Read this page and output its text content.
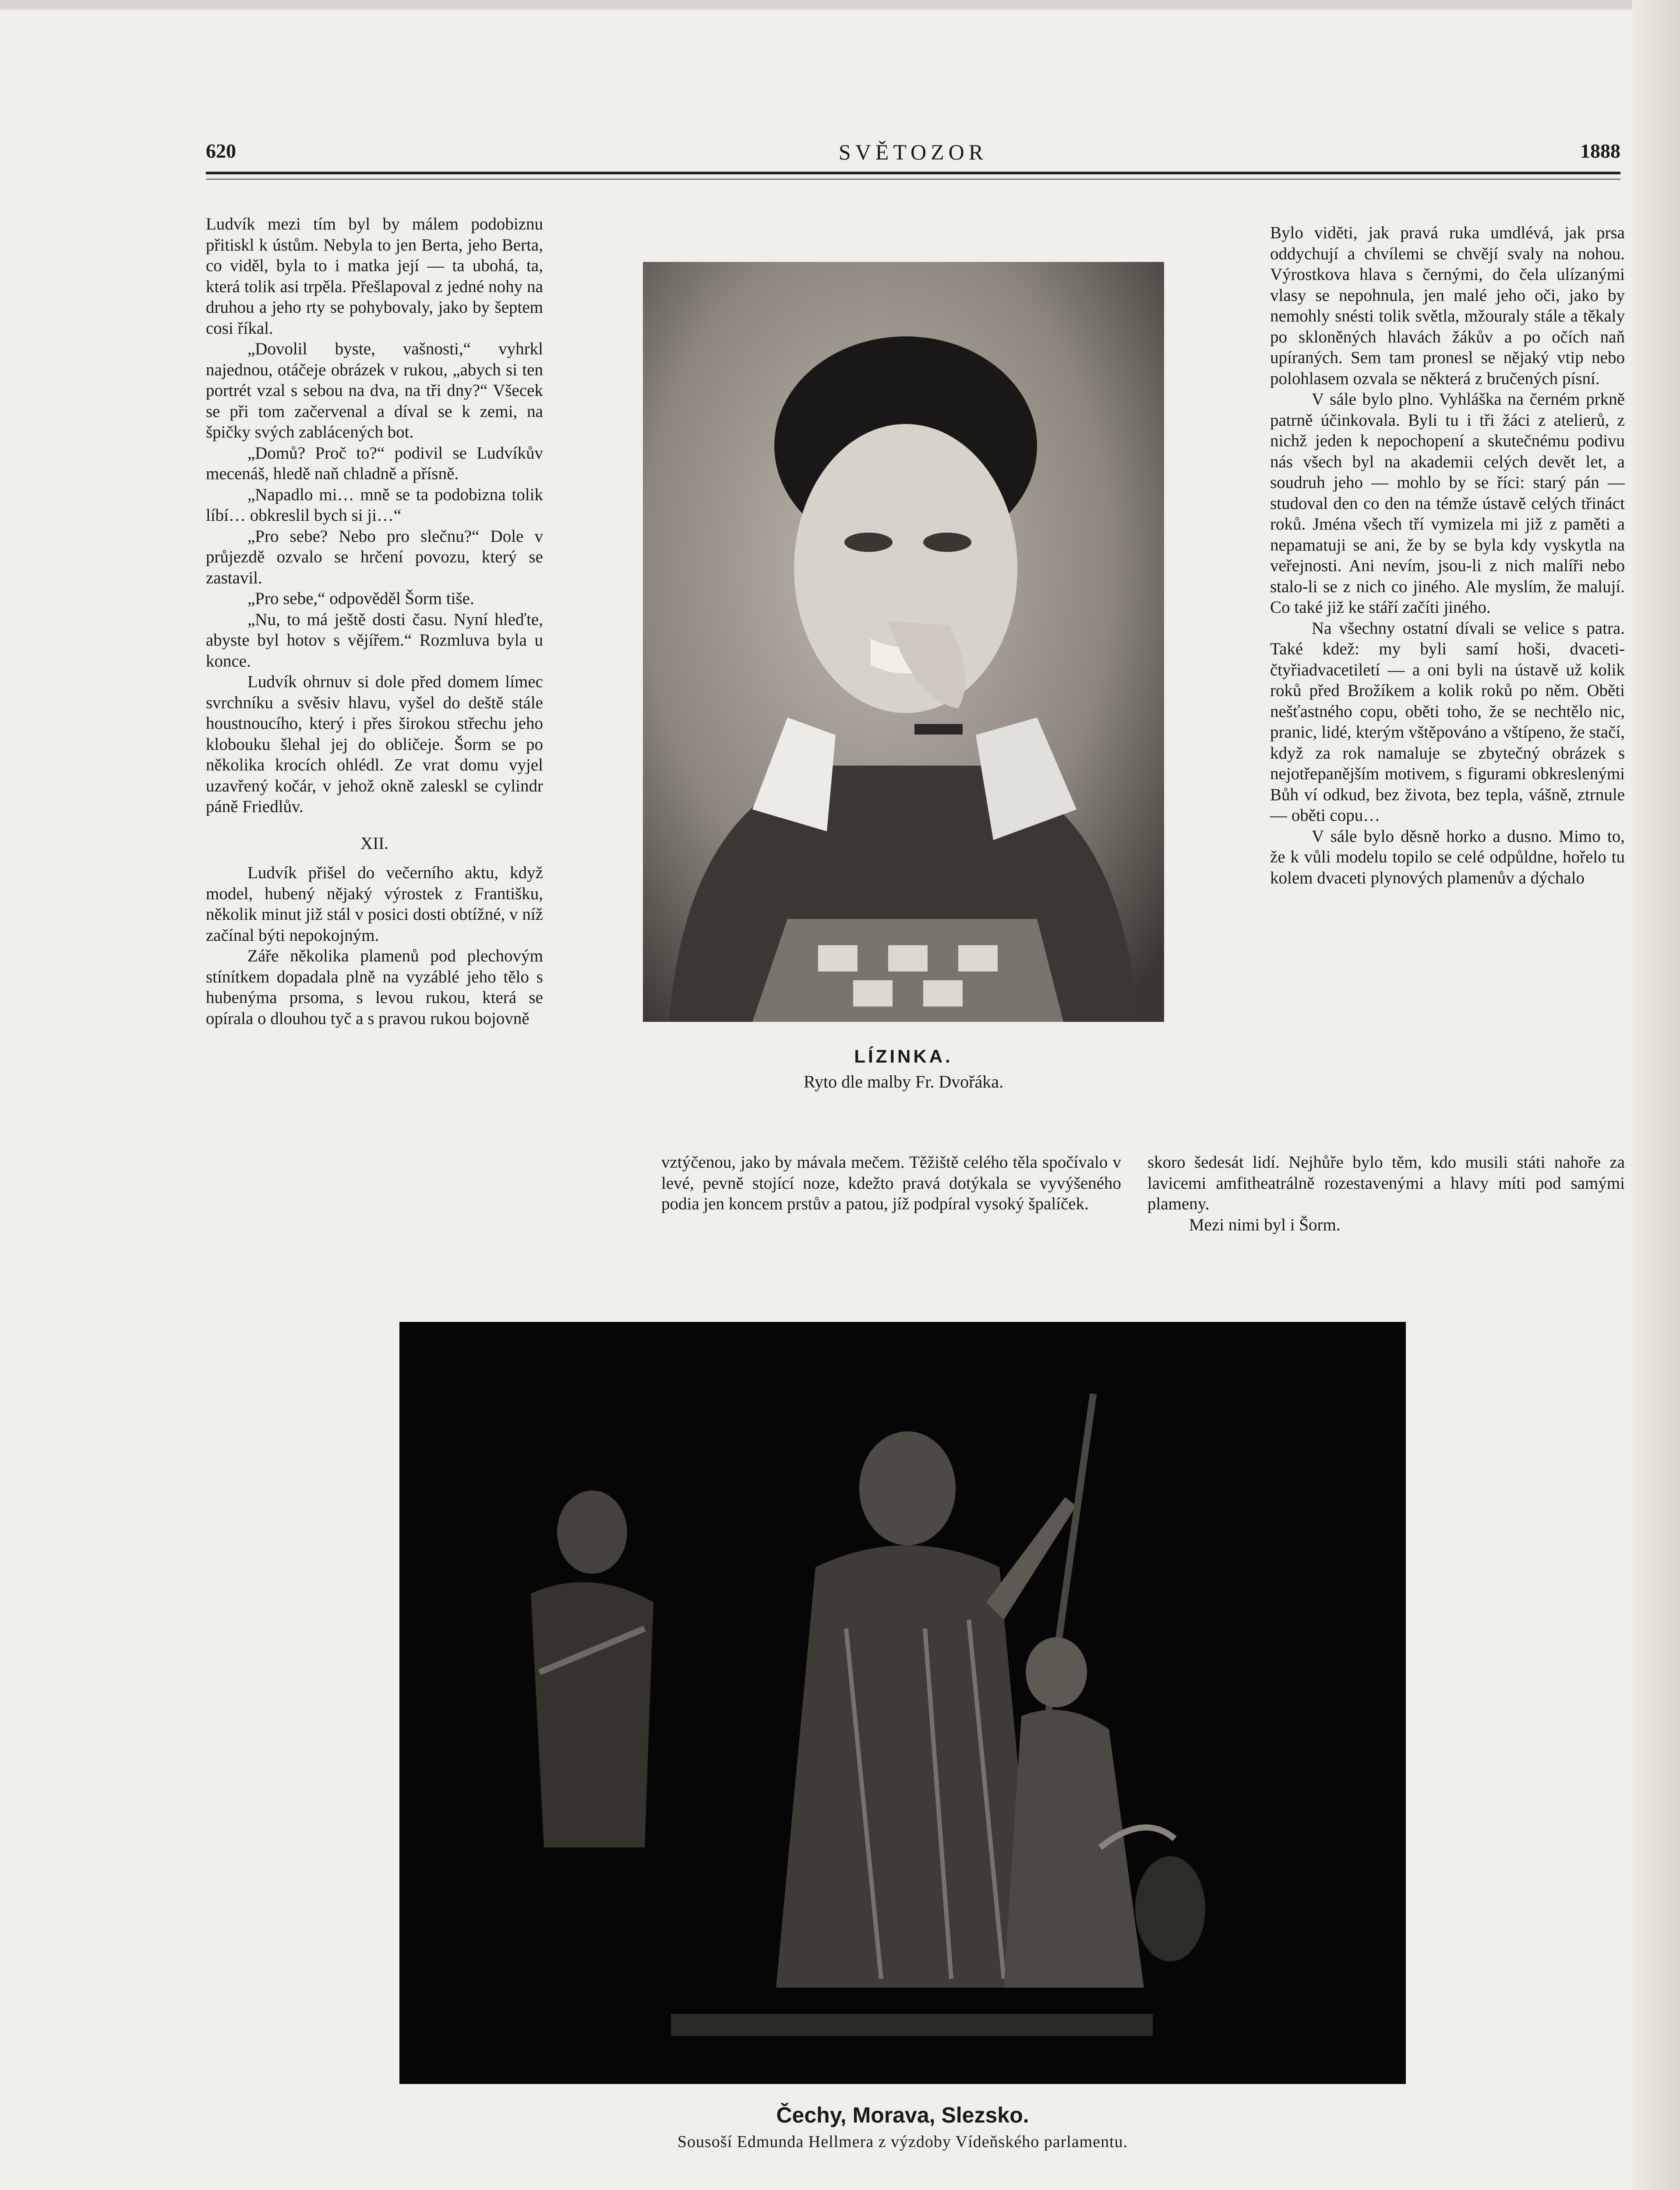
620	SVĚTOZOR	1888

Ludvík mezi tím byl by málem podobiznu přitiskl k ústům. Nebyla to jen Berta, jeho Berta, co viděl, byla to i matka její — ta ubohá, ta, která tolik asi trpěla. Přešlapoval z jedné nohy na druhou a jeho rty se pohybovaly, jako by šeptem cosi říkal.

„Dovolil byste, vašnosti,“ vyhrkl najednou, otáčeje obrázek v rukou, „abych si ten portrét vzal s sebou na dva, na tři dny?“ Všecek se při tom začervenal a díval se k zemi, na špičky svých zablácených bot.

„Domů? Proč to?“ podivil se Ludvíkův mecenáš, hledě naň chladně a přísně.

„Napadlo mi… mně se ta podobizna tolik líbí… obkreslil bych si ji…“

„Pro sebe? Nebo pro slečnu?“ Dole v průjezdě ozvalo se hrčení povozu, který se zastavil.

„Pro sebe,“ odpověděl Šorm tiše.

„Nu, to má ještě dosti času. Nyní hleďte, abyste byl hotov s vějířem.“ Rozmluva byla u konce.

Ludvík ohrnuv si dole před domem límec svrchníku a svěsiv hlavu, vyšel do deště stále houstnoucího, který i přes širokou střechu jeho klobouku šlehal jej do obličeje. Šorm se po několika krocích ohlédl. Ze vrat domu vyjel uzavřený kočár, v jehož okně zaleskl se cylindr páně Friedlův.

XII.

Ludvík přišel do večerního aktu, když model, hubený nějaký výrostek z Františku, několik minut již stál v posici dosti obtížné, v níž začínal býti nepokojným.

Záře několika plamenů pod plechovým stínítkem dopadala plně na vyzáblé jeho tělo s hubenýma prsoma, s levou rukou, která se opírala o dlouhou tyč a s pravou rukou bojovně

LÍZINKA.
Ryto dle malby Fr. Dvořáka.

Bylo viděti, jak pravá ruka umdlévá, jak prsa oddychují a chvílemi se chvějí svaly na nohou. Výrostkova hlava s černými, do čela ulízanými vlasy se nepohnula, jen malé jeho oči, jako by nemohly snésti tolik světla, mžouraly stále a těkaly po skloněných hlavách žákův a po očích naň upíraných. Sem tam pronesl se nějaký vtip nebo polohlasem ozvala se některá z bručených písní.

V sále bylo plno. Vyhláška na černém prkně patrně účinkovala. Byli tu i tři žáci z atelierů, z nichž jeden k nepochopení a skutečnému podivu nás všech byl na akademii celých devět let, a soudruh jeho — mohlo by se říci: starý pán — studoval den co den na témže ústavě celých třináct roků. Jména všech tří vymizela mi již z paměti a nepamatuji se ani, že by se byla kdy vyskytla na veřejnosti. Ani nevím, jsou-li z nich malíři nebo stalo-li se z nich co jiného. Ale myslím, že malují. Co také již ke stáří začíti jiného.

Na všechny ostatní dívali se velice s patra. Také kdež: my byli samí hoši, dvaceti- čtyřiadvacetiletí — a oni byli na ústavě už kolik roků před Brožíkem a kolik roků po něm. Oběti nešťastného copu, oběti toho, že se nechtělo nic, pranic, lidé, kterým vštěpováno a vštípeno, že stačí, když za rok namaluje se zbytečný obrázek s nejotřepanějším motivem, s figurami obkreslenými Bůh ví odkud, bez života, bez tepla, vášně, ztrnule — oběti copu…

V sále bylo děsně horko a dusno. Mimo to, že k vůli modelu topilo se celé odpůldne, hořelo tu kolem dvaceti plynových plamenův a dýchalo

vztýčenou, jako by mávala mečem. Těžiště celého těla spočívalo v levé, pevně stojící noze, kdežto pravá dotýkala se vyvýšeného podia jen koncem prstův a patou, jíž podpíral vysoký špalíček.

skoro šedesát lidí. Nejhůře bylo těm, kdo musili státi nahoře za lavicemi amfitheatrálně rozestavenými a hlavy míti pod samými plameny.

Mezi nimi byl i Šorm.

Čechy, Morava, Slezsko.
Sousoší Edmunda Hellmera z výzdoby Vídeňského parlamentu.
